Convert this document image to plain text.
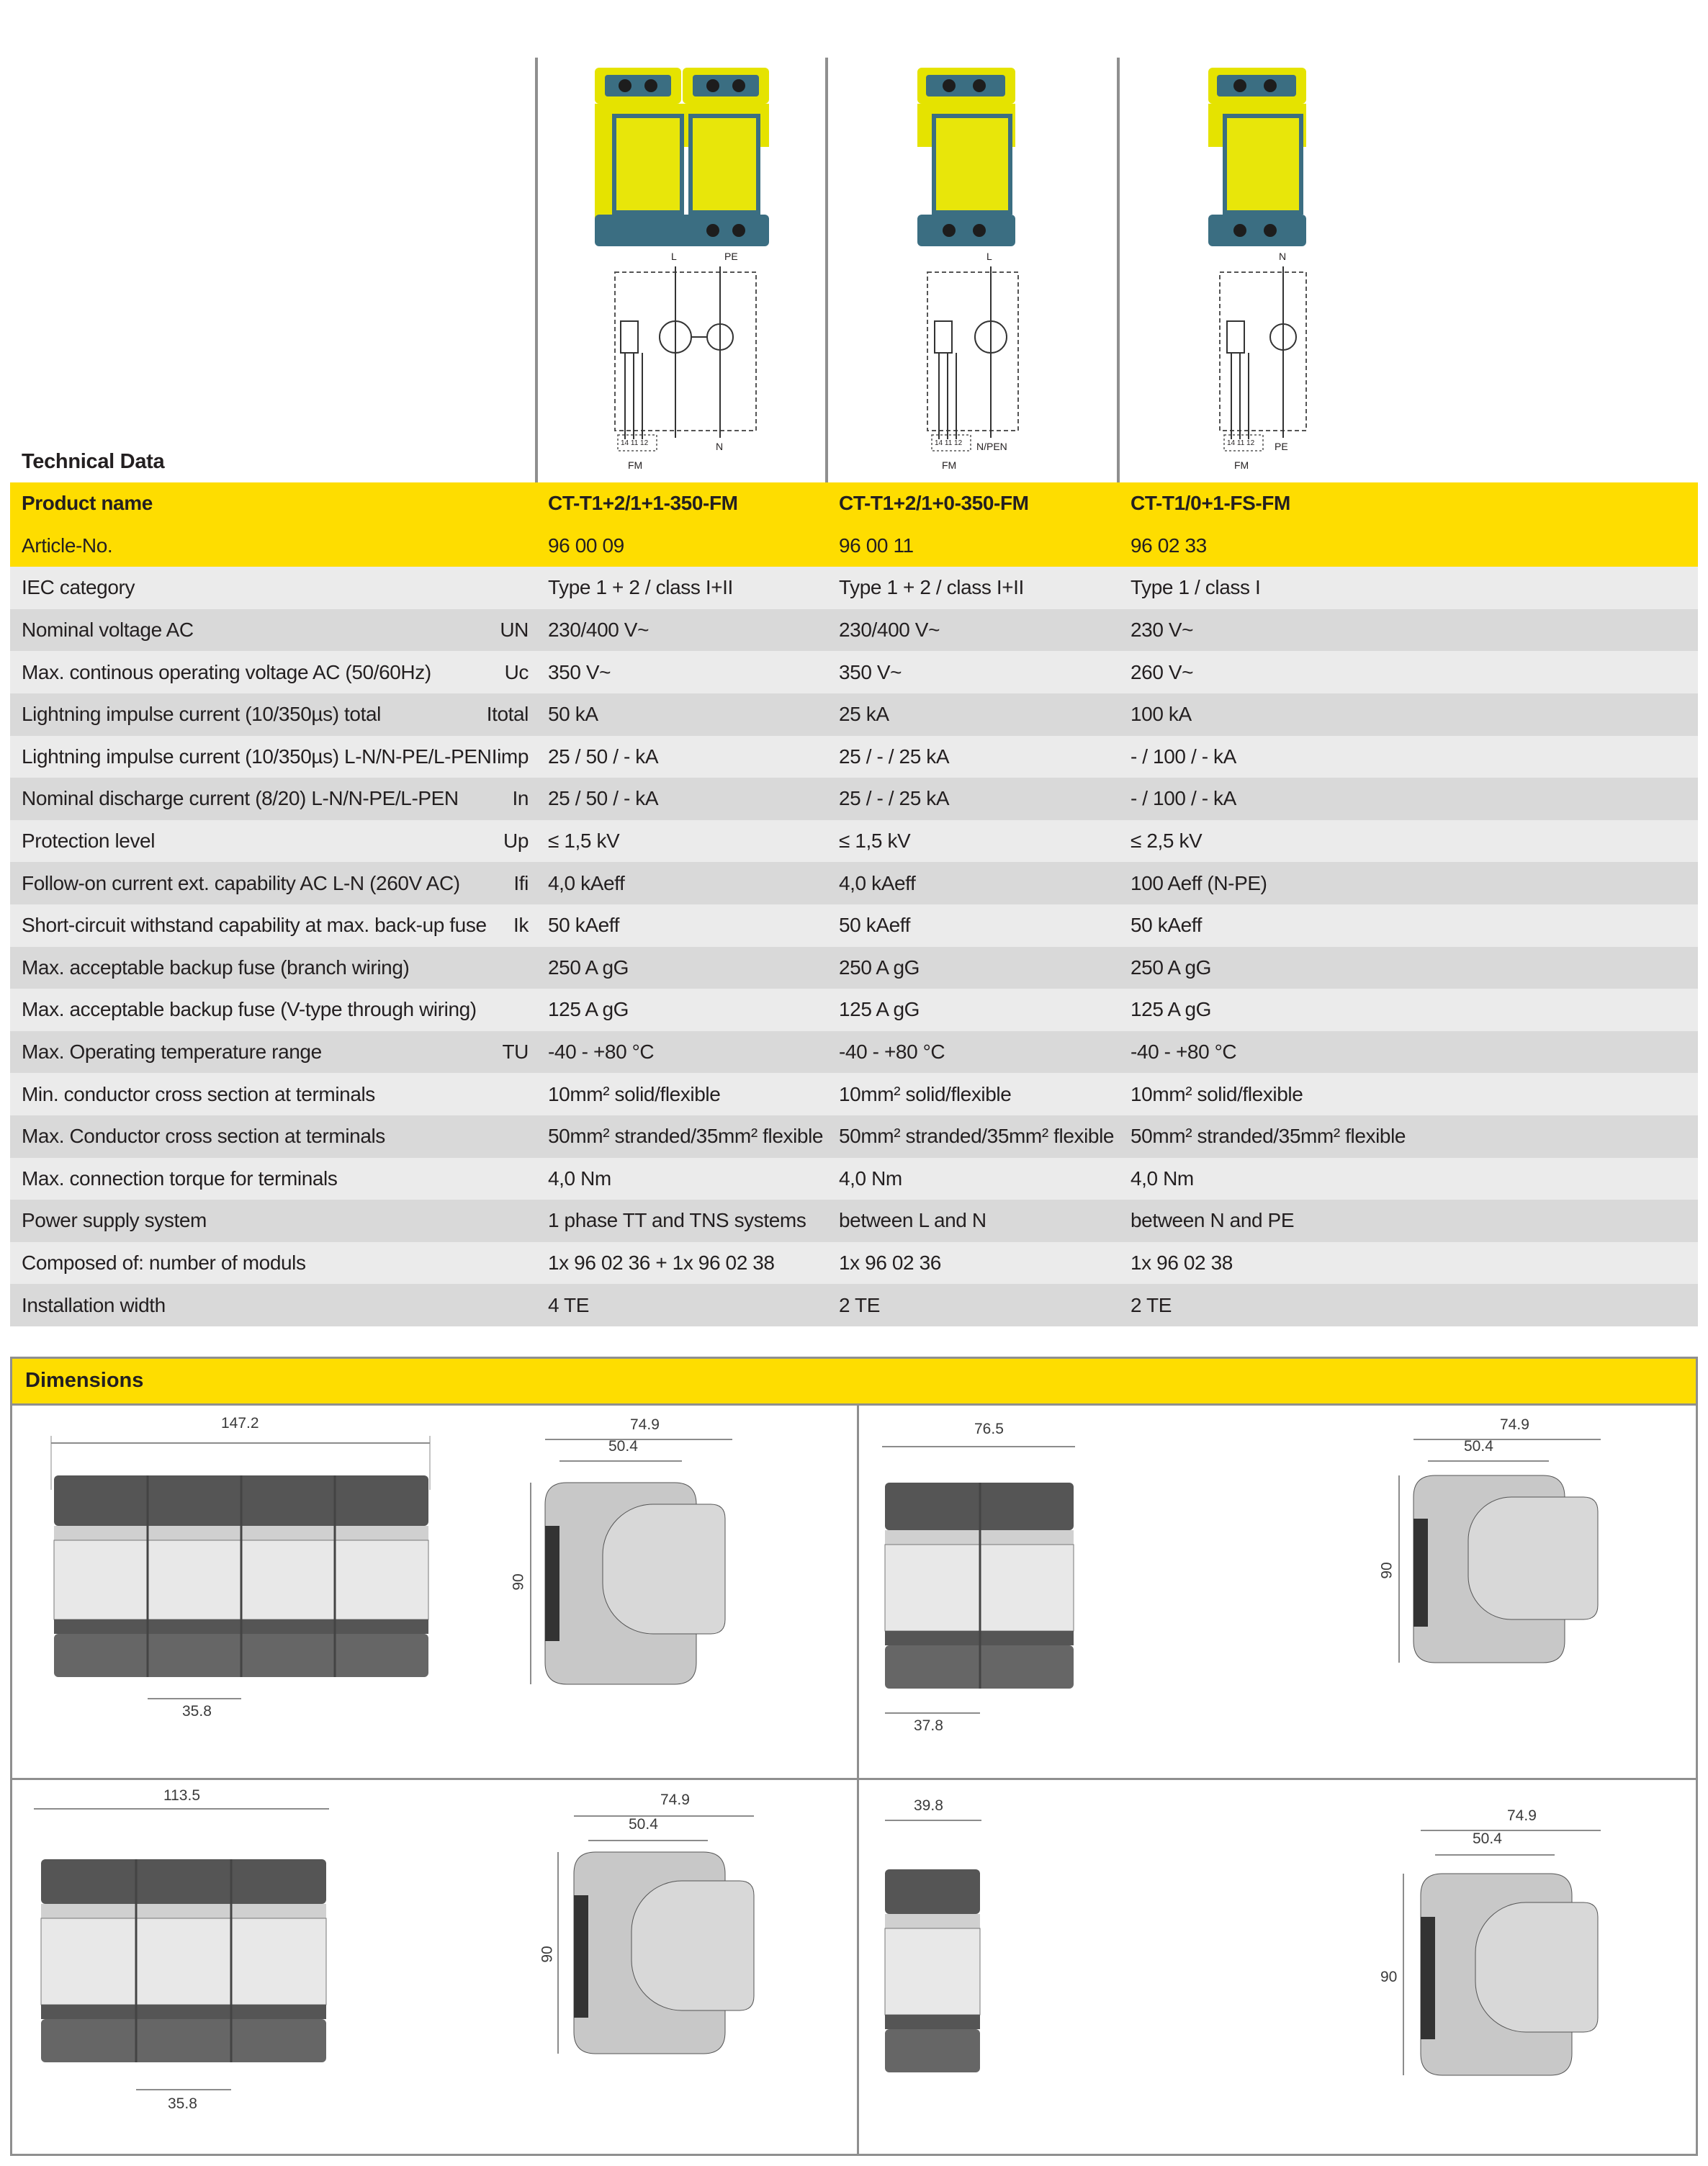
L	PE
N
14 11 12
FM
L
N/PEN
14 11 12
FM
N
PE
14 11 12
FM
Technical Data
Product name	CT-T1+2/1+1-350-FM	CT-T1+2/1+0-350-FM	CT-T1/0+1-FS-FM
Article-No.	96 00 09	96 00 11	96 02 33
IEC category	Type 1 + 2 / class I+II	Type 1 + 2 / class I+II	Type 1 / class I
Nominal voltage AC	UN 230/400 V~	230/400 V~	230 V~
Max. continous operating voltage AC (50/60Hz)	Uc 350 V~	350 V~	260 V~
Lightning impulse current (10/350µs) total	Itotal 50 kA	25 kA	100 kA
Lightning impulse current (10/350µs) L-N/N-PE/L-PEN Iimp 25 / 50 / - kA	25 / - / 25 kA	- / 100 / - kA
Nominal discharge current (8/20) L-N/N-PE/L-PEN	In 25 / 50 / - kA	25 / - / 25 kA	- / 100 / - kA
Protection level	Up ≤ 1,5 kV	≤ 1,5 kV	≤ 2,5 kV
Follow-on current ext. capability AC L-N (260V AC)	Ifi 4,0 kAeff	4,0 kAeff	100 Aeff (N-PE)
Short-circuit withstand capability at max. back-up fuse Ik 50 kAeff	50 kAeff	50 kAeff
Max. acceptable backup fuse (branch wiring)	250 A gG	250 A gG	250 A gG
Max. acceptable backup fuse (V-type through wiring)	125 A gG	125 A gG	125 A gG
Max. Operating temperature range	TU -40 - +80 °C	-40 - +80 °C	-40 - +80 °C
Min. conductor cross section at terminals	10mm² solid/flexible	10mm² solid/flexible	10mm² solid/flexible
Max. Conductor cross section at terminals	50mm² stranded/35mm² flexible 50mm² stranded/35mm² flexible 50mm² stranded/35mm² flexible
Max. connection torque for terminals	4,0 Nm	4,0 Nm	4,0 Nm
Power supply system	1 phase TT and TNS systems between L and N	between N and PE
Composed of: number of moduls	1x 96 02 36 + 1x 96 02 38	1x 96 02 36	1x 96 02 38
Installation width	4 TE	2 TE	2 TE
Dimensions
147.2
35.8
74.9
50.4
90
76.5
37.8
74.9
50.4
90
113.5
35.8
74.9
50.4
90
39.8
74.9
50.4
90
